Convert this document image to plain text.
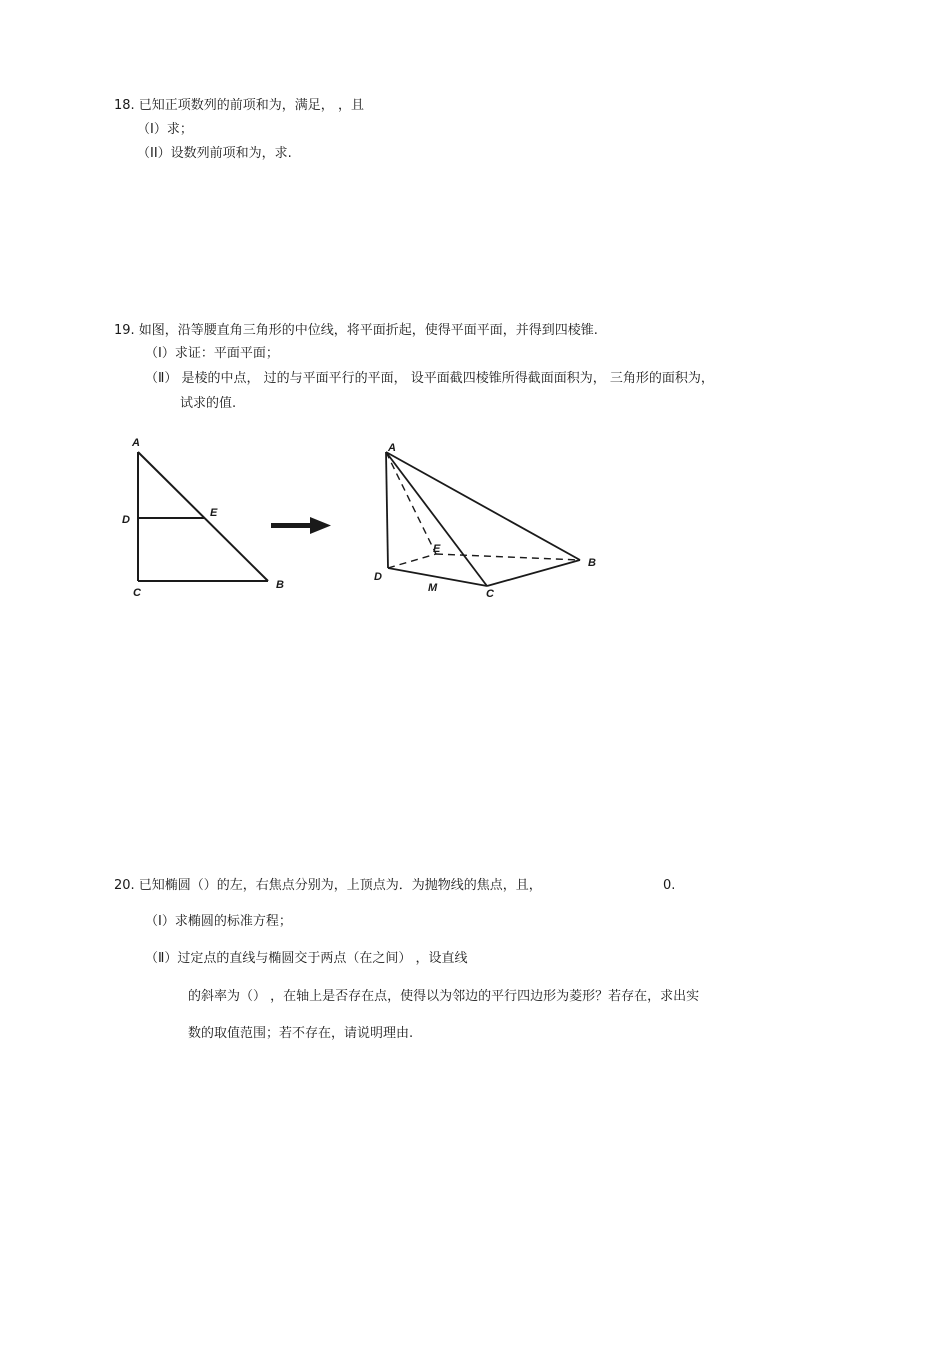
18. 已知正项数列的前项和为，满足， ，且
（I）求；
（II）设数列前项和为，求.
19. 如图，沿等腰直角三角形的中位线，将平面折起，使得平面平面，并得到四棱锥.
（Ⅰ）求证：平面平面；
（Ⅱ） 是棱的中点， 过的与平面平行的平面， 设平面截四棱锥所得截面面积为， 三角形的面积为，
试求的值.
A
D
E
C
B
A
E
B
D
M	C
20. 已知椭圆（）的左，右焦点分别为，上顶点为．为抛物线的焦点，且，	0.
（Ⅰ）求椭圆的标准方程；
（Ⅱ）过定点的直线与椭圆交于两点（在之间） ，设直线
的斜率为（） ，在轴上是否存在点，使得以为邻边的平行四边形为菱形？若存在，求出实
数的取值范围；若不存在，请说明理由.
